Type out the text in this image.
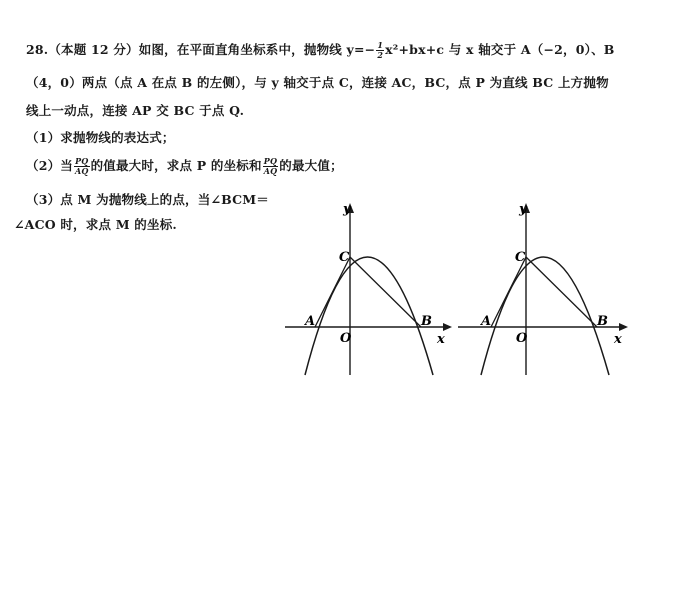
28.（本题 12 分）如图，在平面直角坐标系中，抛物线 $y=- \frac{1}{2} x^2+bx+c$ 与 x 轴交于 A（−2，0）、B
（4，0）两点（点 A 在点 B 的左侧），与 y 轴交于点 C，连接 AC，BC，点 P 为直线 BC 上方抛物
线上一动点，连接 AP 交 BC 于点 Q.
（1）求抛物线的表达式；
（2）当 $\frac{PQ}{AQ}$ 的值最大时，求点 P 的坐标和 $\frac{PQ}{AQ}$ 的最大值；
（3）点 M 为抛物线上的点，当∠BCM＝
∠ACO 时，求点 M 的坐标.
y
x
A	B
C
O
y
x
A	B
C
O
